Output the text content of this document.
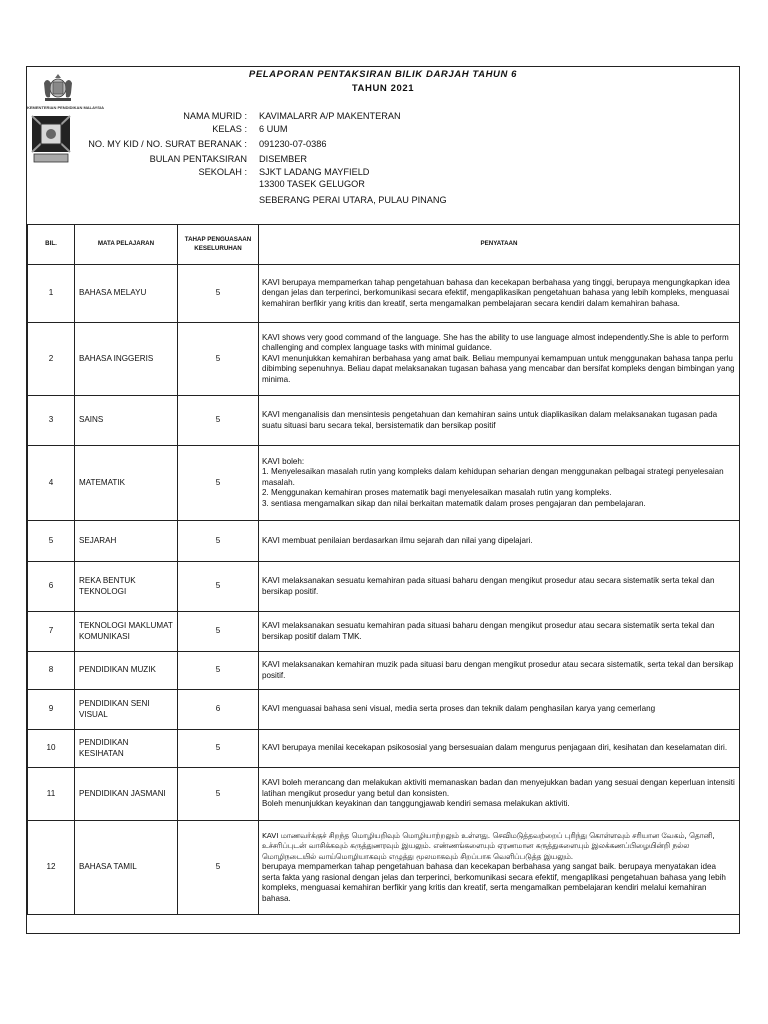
KEMENTERIAN PENDIDIKAN MALAYSIA
PELAPORAN PENTAKSIRAN BILIK DARJAH TAHUN 6
TAHUN 2021
NAMA MURID : KAVIMALARR A/P MAKENTERAN
KELAS : 6 UUM
NO. MY KID / NO. SURAT BERANAK : 091230-07-0386
BULAN PENTAKSIRAN DISEMBER
SEKOLAH : SJKT LADANG MAYFIELD
13300 TASEK GELUGOR
SEBERANG PERAI UTARA, PULAU PINANG
BIL.	MATA PELAJARAN	TAHAP PENGUASAAN KESELURUHAN	PENYATAAN
1	BAHASA MELAYU	5	KAVI berupaya mempamerkan tahap pengetahuan bahasa dan kecekapan berbahasa yang tinggi, berupaya mengungkapkan idea dengan jelas dan terperinci, berkomunikasi secara efektif, mengaplikasikan pengetahuan bahasa yang lebih kompleks, menguasai kemahiran berfikir yang kritis dan kreatif, serta mengamalkan pembelajaran secara kendiri dalam kemahiran bahasa.

2	BAHASA INGGERIS	5	KAVI shows very good command of the language. She has the ability to use language almost independently.She is able to perform challenging and complex language tasks with minimal guidance.
KAVI menunjukkan kemahiran berbahasa yang amat baik. Beliau mempunyai kemampuan untuk menggunakan bahasa tanpa perlu dibimbing sepenuhnya. Beliau dapat melaksanakan tugasan bahasa yang mencabar dan bersifat kompleks dengan bimbingan yang minima.

3	SAINS	5	KAVI menganalisis dan mensintesis pengetahuan dan kemahiran sains untuk diaplikasikan dalam melaksanakan tugasan pada suatu situasi baru secara tekal, bersistematik dan bersikap positif

4	MATEMATIK	5	KAVI boleh:
1. Menyelesaikan masalah rutin yang kompleks dalam kehidupan seharian dengan menggunakan pelbagai strategi penyelesaian masalah.
2. Menggunakan kemahiran proses matematik bagi menyelesaikan masalah rutin yang kompleks.
3. sentiasa mengamalkan sikap dan nilai berkaitan matematik dalam proses pengajaran dan pembelajaran.

5	SEJARAH	5	KAVI membuat penilaian berdasarkan ilmu sejarah dan nilai yang dipelajari.

6	REKA BENTUK TEKNOLOGI	5	KAVI melaksanakan sesuatu kemahiran pada situasi baharu dengan mengikut prosedur atau secara sistematik serta tekal dan bersikap positif.

7	TEKNOLOGI MAKLUMAT KOMUNIKASI	5	KAVI melaksanakan sesuatu kemahiran pada situasi baharu dengan mengikut prosedur atau secara sistematik serta tekal dan bersikap positif dalam TMK.

8	PENDIDIKAN MUZIK	5	KAVI melaksanakan kemahiran muzik pada situasi baru dengan mengikut prosedur atau secara sistematik, serta tekal dan bersikap positif.

9	PENDIDIKAN SENI VISUAL	6	KAVI menguasai bahasa seni visual, media serta proses dan teknik dalam penghasilan karya yang cemerlang

10	PENDIDIKAN KESIHATAN	5	KAVI berupaya menilai kecekapan psikososial yang bersesuaian dalam mengurus penjagaan diri, kesihatan dan keselamatan diri.

11	PENDIDIKAN JASMANI	5	KAVI boleh merancang dan melakukan aktiviti memanaskan badan dan menyejukkan badan yang sesuai dengan keperluan intensiti latihan mengikut prosedur yang betul dan konsisten.
Boleh menunjukkan keyakinan dan tanggungjawab kendiri semasa melakukan aktiviti.

12	BAHASA TAMIL	5	KAVI மாணவர்க்குச் சிறந்த மொழியறிவும் மொழியாற்றலும் உள்ளது. செவிமடுத்தவற்றைப் புரிந்து கொள்ளவும் சரியான வேகம், தொனி, உச்சரிப்புடன் வாசிக்கவும் கருத்துணரவும் இயலும். எண்ணங்களையும் ஏரணமான கருத்துகளையும் இலக்கணப்பிழையின்றி நல்ல மொழிநடையில் வாய்மொழியாகவும் எழுத்து மூலமாகவும் சிறப்பாக வெளிப்படுத்த இயலும்.
berupaya mempamerkan tahap pengetahuan bahasa dan kecekapan berbahasa yang sangat baik. berupaya menyatakan idea serta fakta yang rasional dengan jelas dan terperinci, berkomunikasi secara efektif, mengaplikasi pengetahuan bahasa yang lebih kompleks, menguasai kemahiran berfikir yang kritis dan kreatif, serta mengamalkan pembelajaran kendiri melalui kemahiran bahasa.
